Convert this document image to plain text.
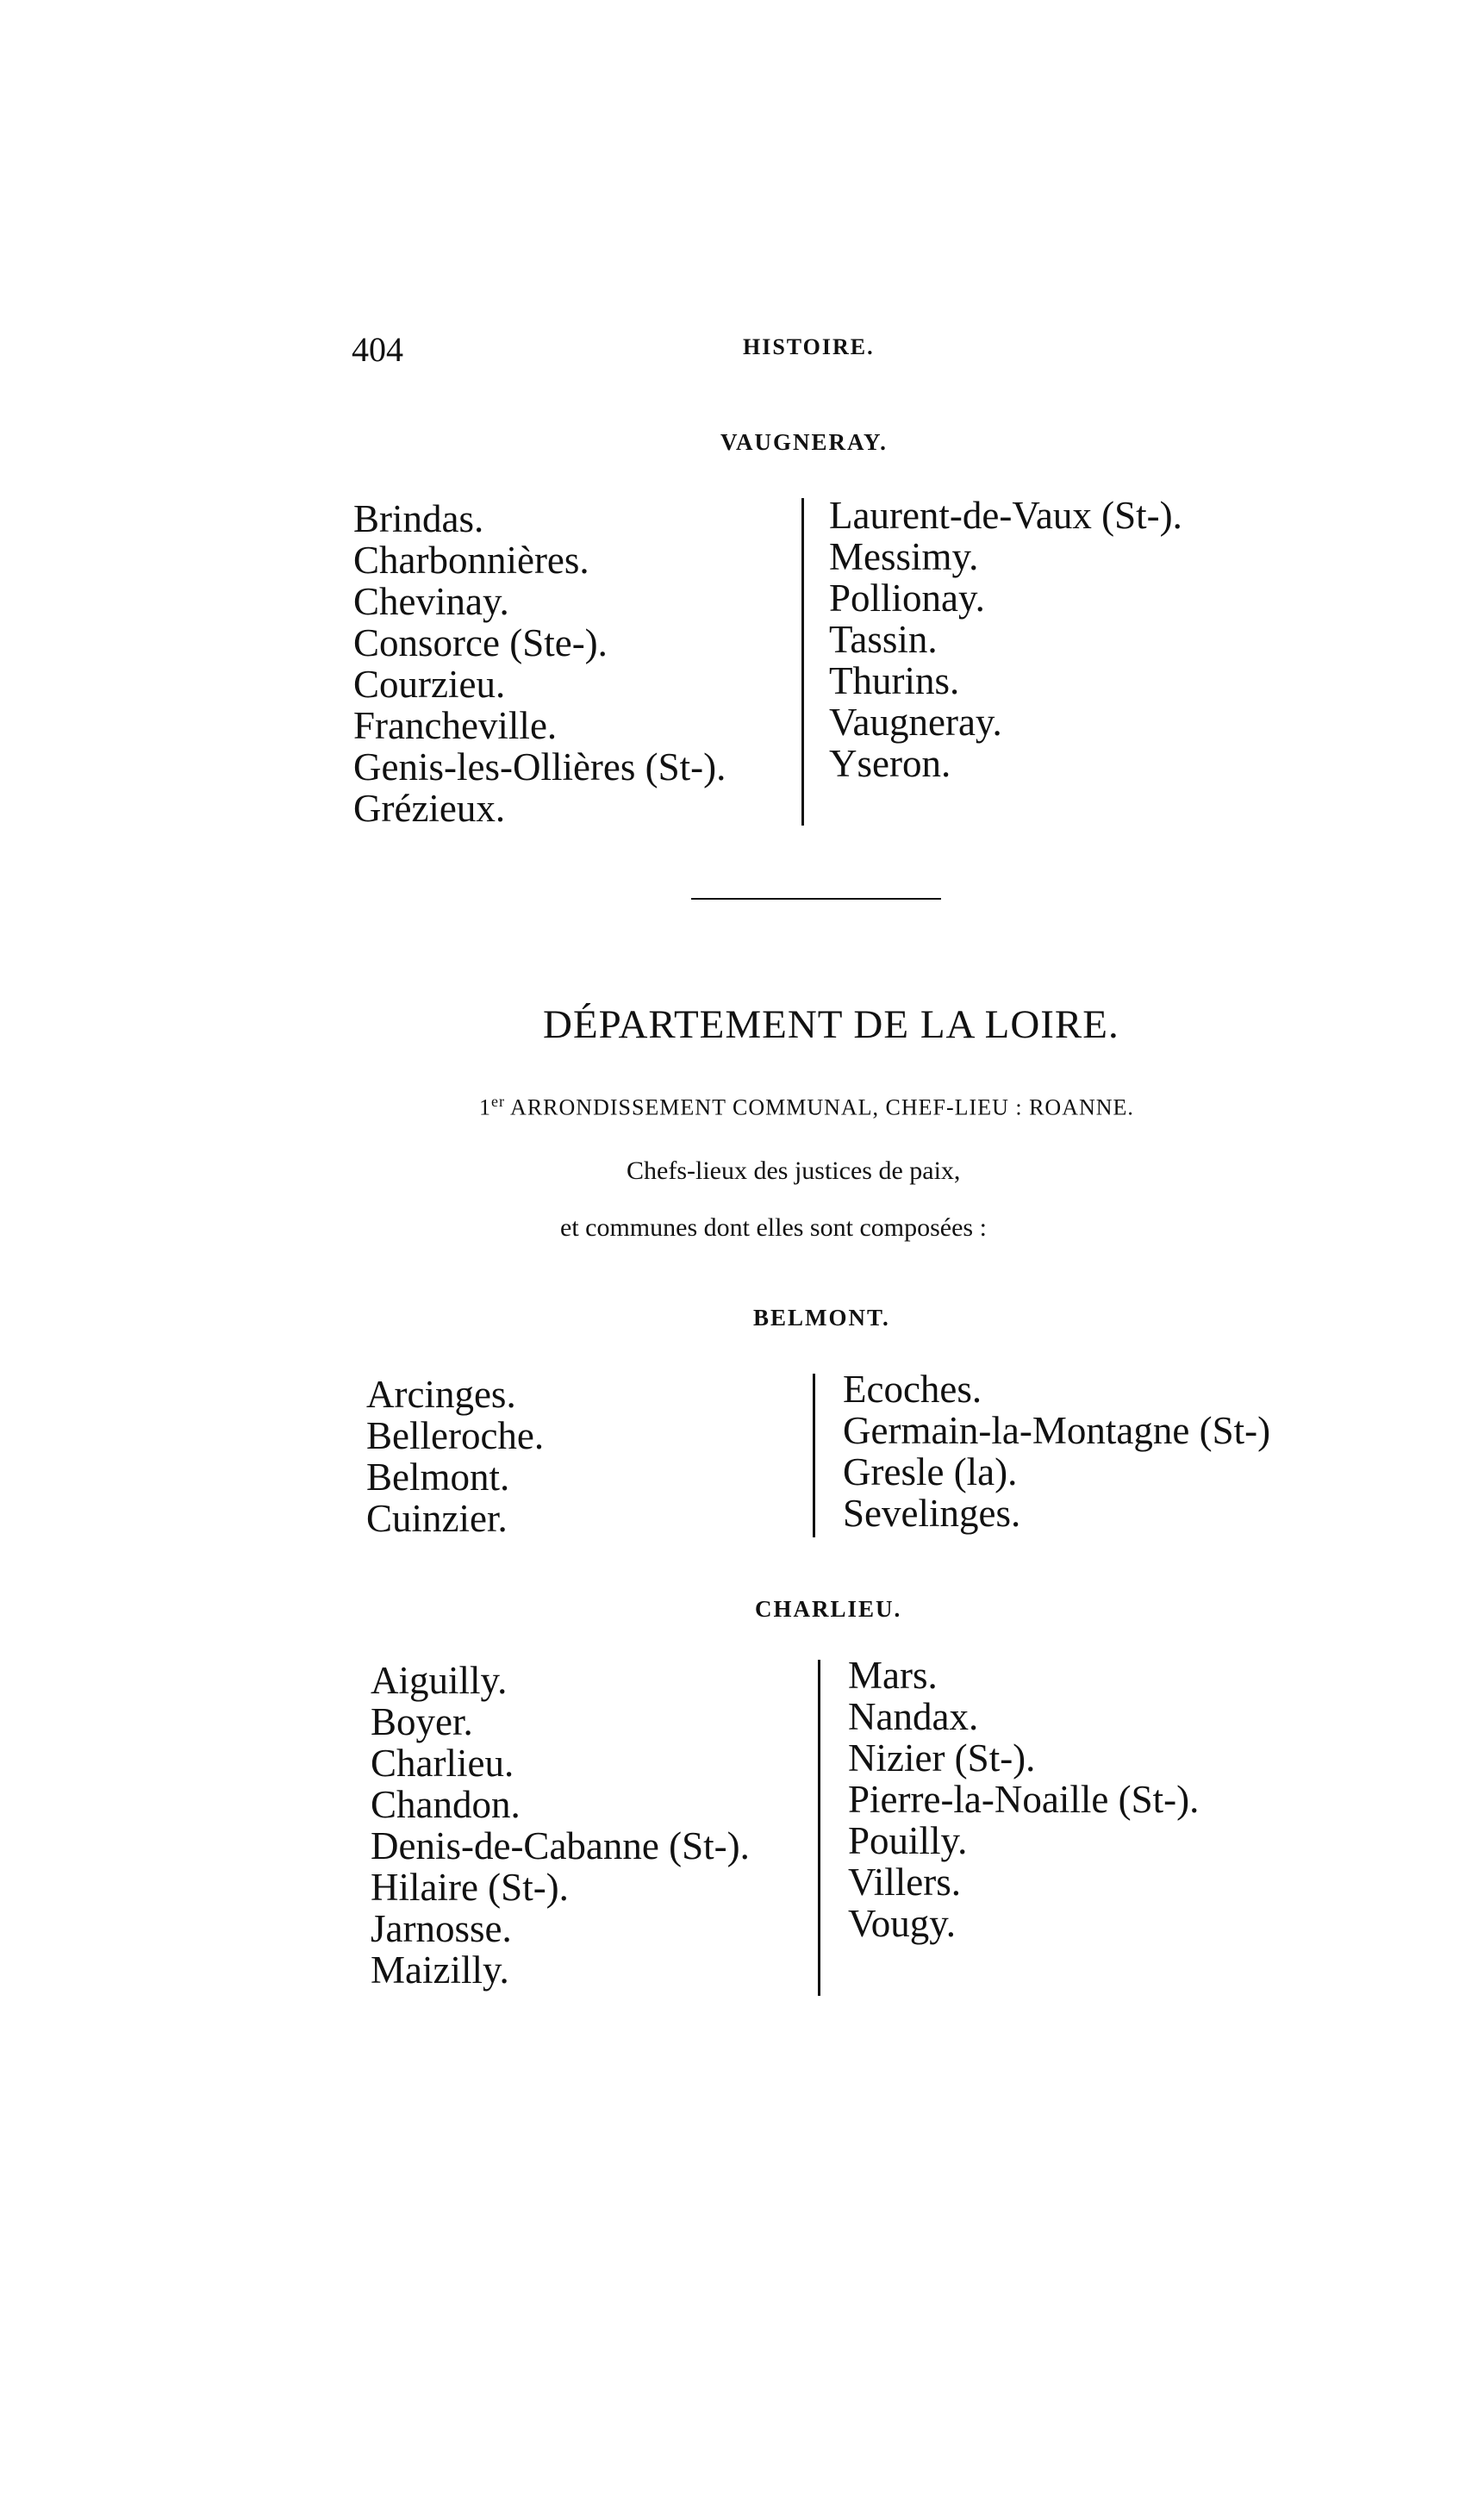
404	HISTOIRE.
VAUGNERAY.
Brindas.
Charbonnières.
Chevinay.
Consorce (Ste-).
Courzieu.
Francheville.
Genis-les-Ollières (St-).
Grézieux.
Laurent-de-Vaux (St-).
Messimy.
Pollionay.
Tassin.
Thurins.
Vaugneray.
Yseron.
DÉPARTEMENT DE LA LOIRE.
1er ARRONDISSEMENT COMMUNAL, CHEF-LIEU : ROANNE.
Chefs-lieux des justices de paix,
et communes dont elles sont composées :
BELMONT.
Arcinges.
Belleroche.
Belmont.
Cuinzier.
Ecoches.
Germain-la-Montagne (St-)
Gresle (la).
Sevelinges.
CHARLIEU.
Aiguilly.
Boyer.
Charlieu.
Chandon.
Denis-de-Cabanne (St-).
Hilaire (St-).
Jarnosse.
Maizilly.
Mars.
Nandax.
Nizier (St-).
Pierre-la-Noaille (St-).
Pouilly.
Villers.
Vougy.
